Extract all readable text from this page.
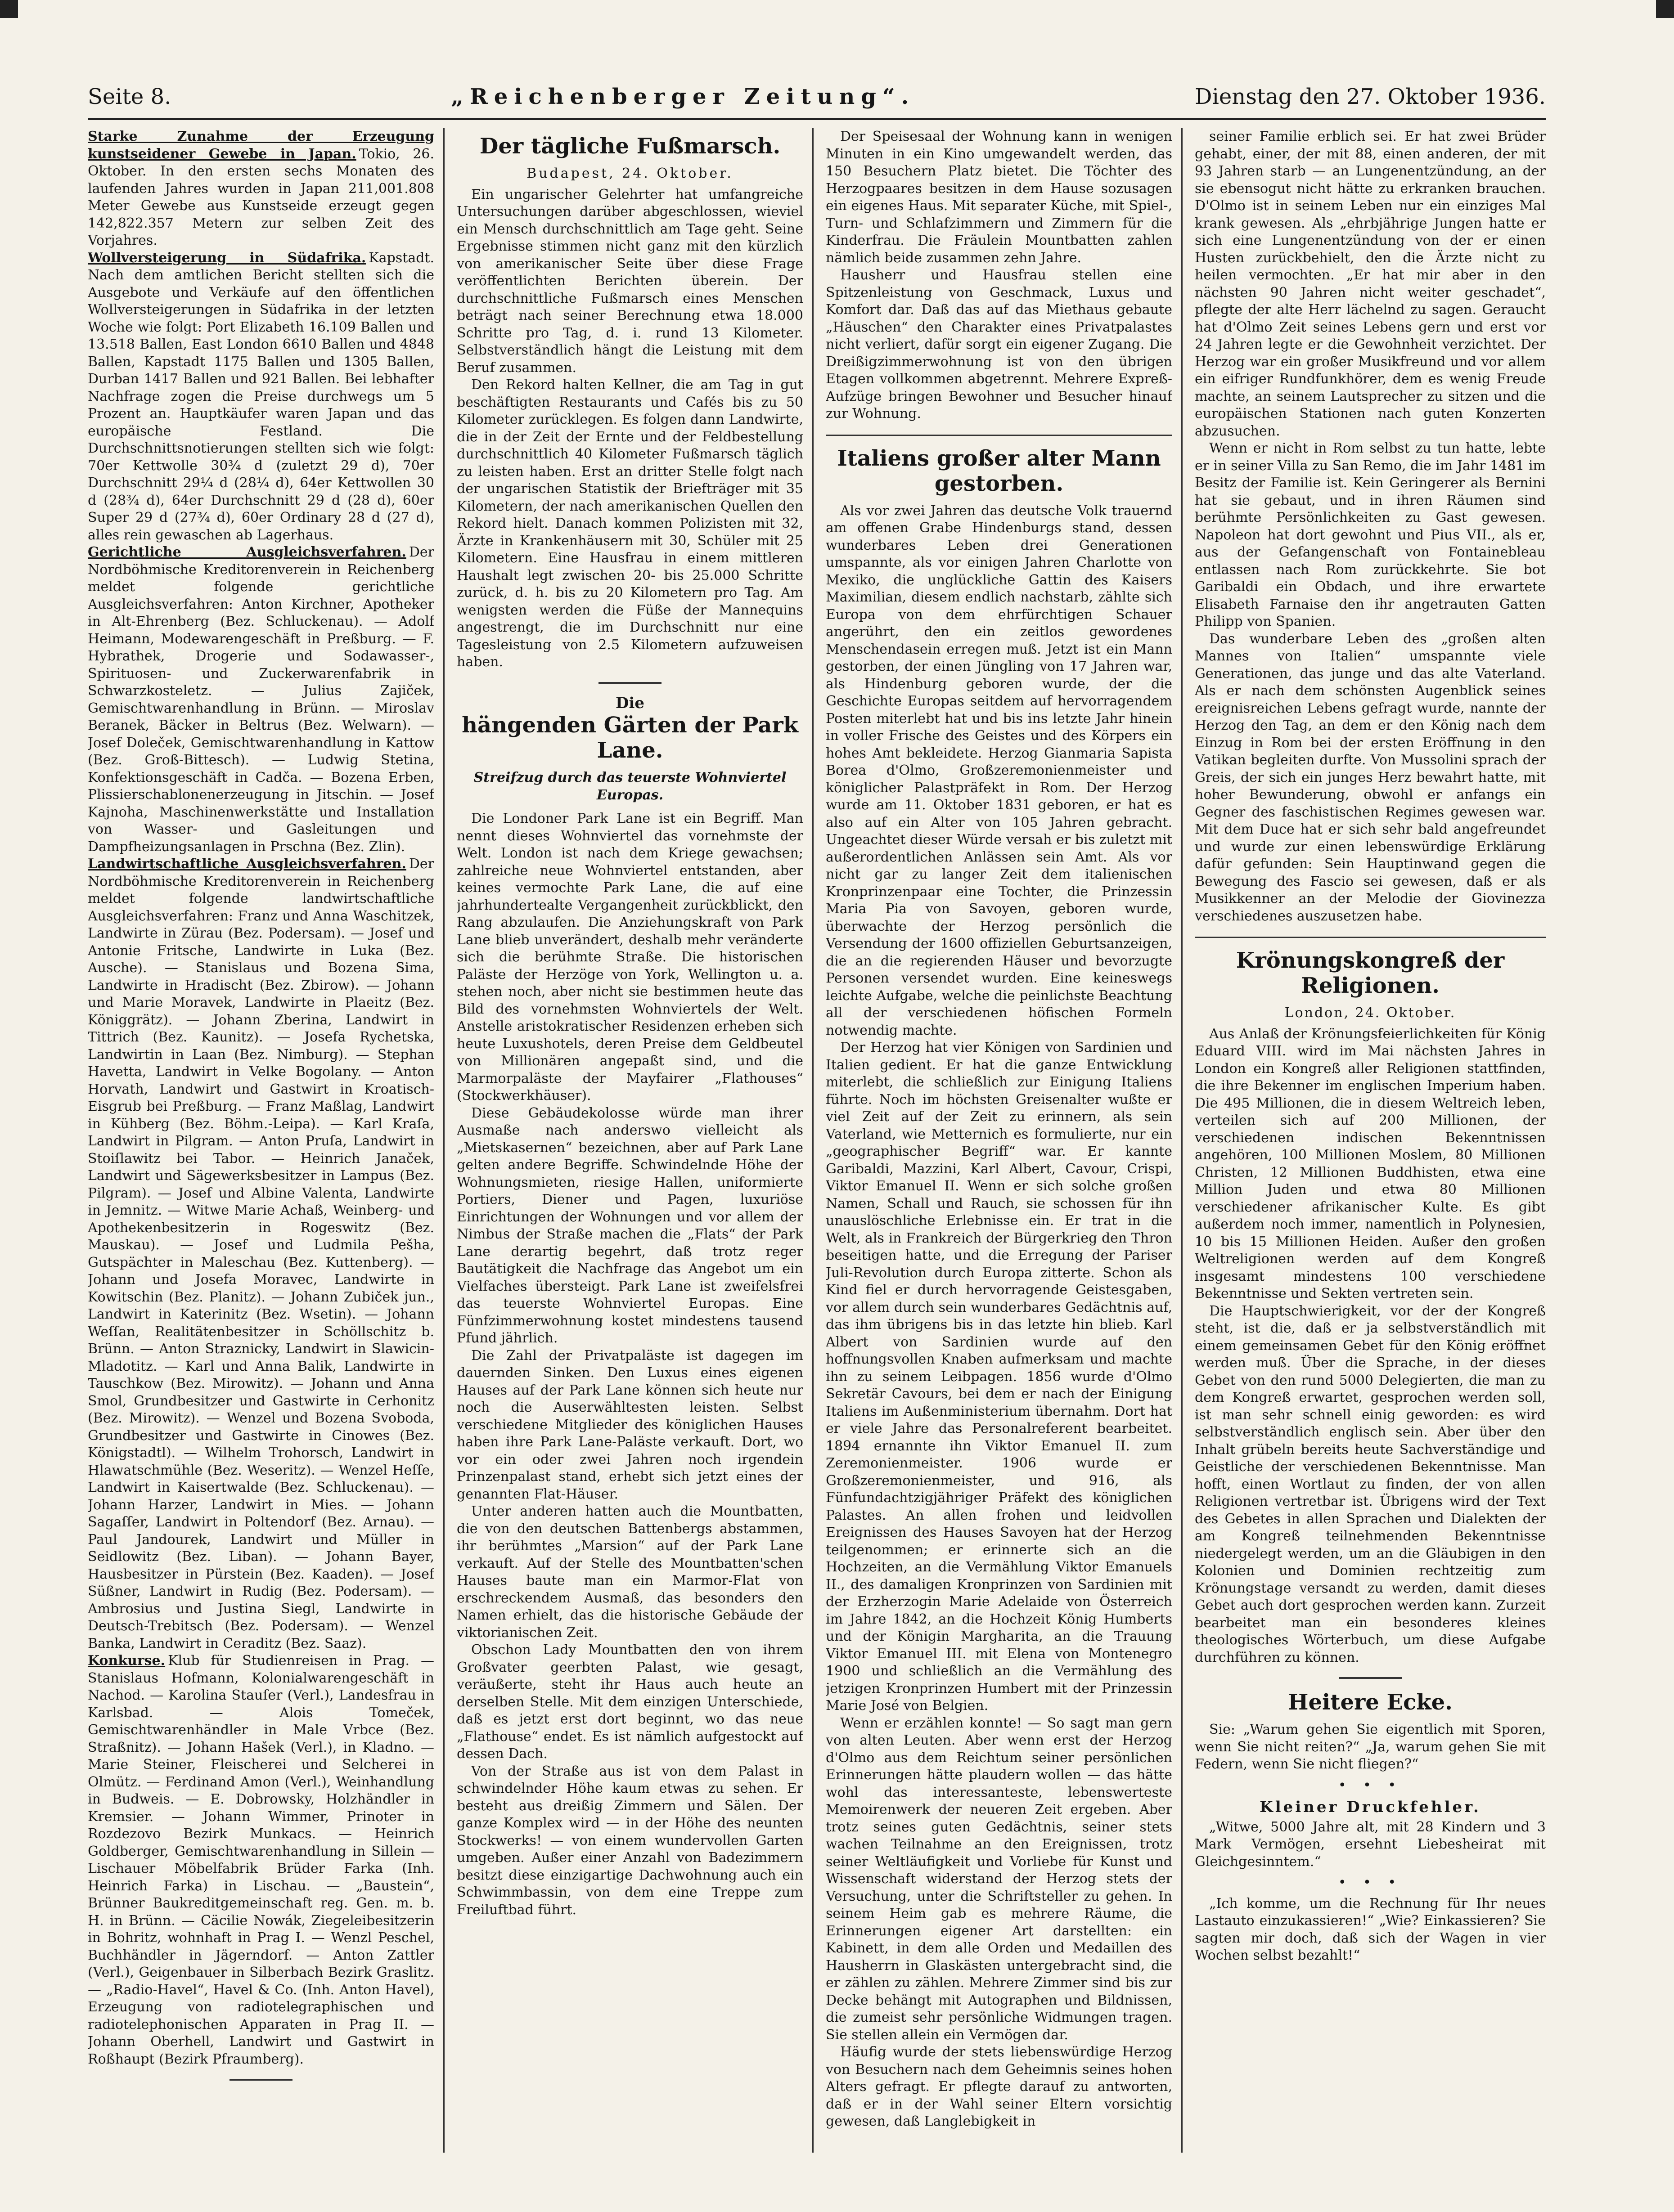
Seite 8.	„Reichenberger Zeitung“.	Dienstag den 27. Oktober 1936.

Starke Zunahme der Erzeugung kunstseidener Gewebe in Japan. Tokio, 26. Oktober. In den ersten sechs Monaten des laufenden Jahres wurden in Japan 211,001.808 Meter Gewebe aus Kunstseide erzeugt gegen 142,822.357 Metern zur selben Zeit des Vorjahres.

Wollversteigerung in Südafrika. Kapstadt. Nach dem amtlichen Bericht stellten sich die Ausgebote und Verkäufe auf den öffentlichen Wollversteigerungen in Südafrika in der letzten Woche wie folgt: Port Elizabeth 16.109 Ballen und 13.518 Ballen, East London 6610 Ballen und 4848 Ballen, Kapstadt 1175 Ballen und 1305 Ballen, Durban 1417 Ballen und 921 Ballen. Bei lebhafter Nachfrage zogen die Preise durchwegs um 5 Prozent an. Hauptkäufer waren Japan und das europäische Festland. Die Durchschnittsnotierungen stellten sich wie folgt: 70er Kettwolle 30¾ d (zuletzt 29 d), 70er Durchschnitt 29¼ d (28¼ d), 64er Kettwollen 30 d (28¾ d), 64er Durchschnitt 29 d (28 d), 60er Super 29 d (27¾ d), 60er Ordinary 28 d (27 d), alles rein gewaschen ab Lagerhaus.

Gerichtliche Ausgleichsverfahren. Der Nordböhmische Kreditorenverein in Reichenberg meldet folgende gerichtliche Ausgleichsverfahren: Anton Kirchner, Apotheker in Alt-Ehrenberg (Bez. Schluckenau). — Adolf Heimann, Modewarengeschäft in Preßburg. — F. Hybrathek, Drogerie und Sodawasser-, Spirituosen- und Zuckerwarenfabrik in Schwarzkosteletz. — Julius Zajiček, Gemischtwarenhandlung in Brünn. — Miroslav Beranek, Bäcker in Beltrus (Bez. Welwarn). — Josef Doleček, Gemischtwarenhandlung in Kattow (Bez. Groß-Bittesch). — Ludwig Stetina, Konfektionsgeschäft in Cadča. — Bozena Erben, Plissierschablonenerzeugung in Jitschin. — Josef Kajnoha, Maschinenwerkstätte und Installation von Wasser- und Gasleitungen und Dampfheizungsanlagen in Prschna (Bez. Zlin).

Landwirtschaftliche Ausgleichsverfahren. Der Nordböhmische Kreditorenverein in Reichenberg meldet folgende landwirtschaftliche Ausgleichsverfahren: Franz und Anna Waschitzek, Landwirte in Zürau (Bez. Podersam). — Josef und Antonie Fritsche, Landwirte in Luka (Bez. Ausche). — Stanislaus und Bozena Sima, Landwirte in Hradischt (Bez. Zbirow). — Johann und Marie Moravek, Landwirte in Plaeitz (Bez. Königgrätz). — Johann Zberina, Landwirt in Tittrich (Bez. Kaunitz). — Josefa Rychetska, Landwirtin in Laan (Bez. Nimburg). — Stephan Havetta, Landwirt in Velke Bogolany. — Anton Horvath, Landwirt und Gastwirt in Kroatisch-Eisgrub bei Preßburg. — Franz Maßlag, Landwirt in Kühberg (Bez. Böhm.-Leipa). — Karl Kraſa, Landwirt in Pilgram. — Anton Pruſa, Landwirt in Stoiſlawitz bei Tabor. — Heinrich Janaček, Landwirt und Sägewerksbesitzer in Lampus (Bez. Pilgram). — Josef und Albine Valenta, Landwirte in Jemnitz. — Witwe Marie Achaß, Weinberg- und Apothekenbesitzerin in Rogeswitz (Bez. Mauskau). — Josef und Ludmila Pešha, Gutspächter in Maleschau (Bez. Kuttenberg). — Johann und Josefa Moravec, Landwirte in Kowitschin (Bez. Planitz). — Johann Zubiček jun., Landwirt in Katerinitz (Bez. Wsetin). — Johann Weſſan, Realitätenbesitzer in Schöllschitz b. Brünn. — Anton Straznicky, Landwirt in Slawicin-Mladotitz. — Karl und Anna Balik, Landwirte in Tauschkow (Bez. Mirowitz). — Johann und Anna Smol, Grundbesitzer und Gastwirte in Cerhonitz (Bez. Mirowitz). — Wenzel und Bozena Svoboda, Grundbesitzer und Gastwirte in Cinowes (Bez. Königstadtl). — Wilhelm Trohorsch, Landwirt in Hlawatschmühle (Bez. Weseritz). — Wenzel Heſſe, Landwirt in Kaisertwalde (Bez. Schluckenau). — Johann Harzer, Landwirt in Mies. — Johann Sagaſſer, Landwirt in Poltendorf (Bez. Arnau). — Paul Jandourek, Landwirt und Müller in Seidlowitz (Bez. Liban). — Johann Bayer, Hausbesitzer in Pürstein (Bez. Kaaden). — Josef Süßner, Landwirt in Rudig (Bez. Podersam). — Ambrosius und Justina Siegl, Landwirte in Deutsch-Trebitsch (Bez. Podersam). — Wenzel Banka, Landwirt in Ceraditz (Bez. Saaz).

Konkurse. Klub für Studienreisen in Prag. — Stanislaus Hofmann, Kolonialwarengeschäft in Nachod. — Karolina Stauſer (Verl.), Landesfrau in Karlsbad. — Alois Tomeček, Gemischtwarenhändler in Male Vrbce (Bez. Straßnitz). — Johann Hašek (Verl.), in Kladno. — Marie Steiner, Fleischerei und Selcherei in Olmütz. — Ferdinand Amon (Verl.), Weinhandlung in Budweis. — E. Dobrowsky, Holzhändler in Kremsier. — Johann Wimmer, Prinoter in Rozdezovo Bezirk Munkacs. — Heinrich Goldberger, Gemischtwarenhandlung in Sillein — Lischauer Möbelfabrik Brüder Farka (Inh. Heinrich Farka) in Lischau. — „Baustein“, Brünner Baukreditgemeinschaft reg. Gen. m. b. H. in Brünn. — Cäcilie Nowák, Ziegeleibesitzerin in Bohritz, wohnhaft in Prag I. — Wenzl Peschel, Buchhändler in Jägerndorf. — Anton Zattler (Verl.), Geigenbauer in Silberbach Bezirk Graslitz. — „Radio-Havel“, Havel & Co. (Inh. Anton Havel), Erzeugung von radiotelegraphischen und radiotelephonischen Apparaten in Prag II. — Johann Oberhell, Landwirt und Gastwirt in Roßhaupt (Bezirk Pfraumberg).

Der tägliche Fußmarsch.
Budapest, 24. Oktober.

Ein ungarischer Gelehrter hat umfangreiche Untersuchungen darüber abgeschlossen, wieviel ein Mensch durchschnittlich am Tage geht. Seine Ergebnisse stimmen nicht ganz mit den kürzlich von amerikanischer Seite über diese Frage veröffentlichten Berichten überein. Der durchschnittliche Fußmarsch eines Menschen beträgt nach seiner Berechnung etwa 18.000 Schritte pro Tag, d. i. rund 13 Kilometer. Selbstverständlich hängt die Leistung mit dem Beruf zusammen.

Den Rekord halten Kellner, die am Tag in gut beschäftigten Restaurants und Cafés bis zu 50 Kilometer zurücklegen. Es folgen dann Landwirte, die in der Zeit der Ernte und der Feldbestellung durchschnittlich 40 Kilometer Fußmarsch täglich zu leisten haben. Erst an dritter Stelle folgt nach der ungarischen Statistik der Briefträger mit 35 Kilometern, der nach amerikanischen Quellen den Rekord hielt. Danach kommen Polizisten mit 32, Ärzte in Krankenhäusern mit 30, Schüler mit 25 Kilometern. Eine Hausfrau in einem mittleren Haushalt legt zwischen 20- bis 25.000 Schritte zurück, d. h. bis zu 20 Kilometern pro Tag. Am wenigsten werden die Füße der Mannequins angestrengt, die im Durchschnitt nur eine Tagesleistung von 2.5 Kilometern aufzuweisen haben.

Die
hängenden Gärten der Park Lane.
Streifzug durch das teuerste Wohnviertel Europas.

Die Londoner Park Lane ist ein Begriff. Man nennt dieses Wohnviertel das vornehmste der Welt. London ist nach dem Kriege gewachsen; zahlreiche neue Wohnviertel entstanden, aber keines vermochte Park Lane, die auf eine jahrhundertealte Vergangenheit zurückblickt, den Rang abzulaufen. Die Anziehungskraft von Park Lane blieb unverändert, deshalb mehr veränderte sich die berühmte Straße. Die historischen Paläste der Herzöge von York, Wellington u. a. stehen noch, aber nicht sie bestimmen heute das Bild des vornehmsten Wohnviertels der Welt. Anstelle aristokratischer Residenzen erheben sich heute Luxushotels, deren Preise dem Geldbeutel von Millionären angepaßt sind, und die Marmorpaläste der Mayfairer „Flathouses“ (Stockwerkhäuser).

Diese Gebäudekolosse würde man ihrer Ausmaße nach anderswo vielleicht als „Mietskasernen“ bezeichnen, aber auf Park Lane gelten andere Begriffe. Schwindelnde Höhe der Wohnungsmieten, riesige Hallen, uniformierte Portiers, Diener und Pagen, luxuriöse Einrichtungen der Wohnungen und vor allem der Nimbus der Straße machen die „Flats“ der Park Lane derartig begehrt, daß trotz reger Bautätigkeit die Nachfrage das Angebot um ein Vielfaches übersteigt. Park Lane ist zweifelsfrei das teuerste Wohnviertel Europas. Eine Fünfzimmerwohnung kostet mindestens tausend Pfund jährlich.

Die Zahl der Privatpaläste ist dagegen im dauernden Sinken. Den Luxus eines eigenen Hauses auf der Park Lane können sich heute nur noch die Auserwähltesten leisten. Selbst verschiedene Mitglieder des königlichen Hauses haben ihre Park Lane-Paläste verkauft. Dort, wo vor ein oder zwei Jahren noch irgendein Prinzenpalast stand, erhebt sich jetzt eines der genannten Flat-Häuser.

Unter anderen hatten auch die Mountbatten, die von den deutschen Battenbergs abstammen, ihr berühmtes „Marsion“ auf der Park Lane verkauft. Auf der Stelle des Mountbatten'schen Hauses baute man ein Marmor-Flat von erschreckendem Ausmaß, das besonders den Namen erhielt, das die historische Gebäude der viktorianischen Zeit.

Obschon Lady Mountbatten den von ihrem Großvater geerbten Palast, wie gesagt, veräußerte, steht ihr Haus auch heute an derselben Stelle. Mit dem einzigen Unterschiede, daß es jetzt erst dort beginnt, wo das neue „Flathouse“ endet. Es ist nämlich aufgestockt auf dessen Dach.

Von der Straße aus ist von dem Palast in schwindelnder Höhe kaum etwas zu sehen. Er besteht aus dreißig Zimmern und Sälen. Der ganze Komplex wird — in der Höhe des neunten Stockwerks! — von einem wundervollen Garten umgeben. Außer einer Anzahl von Badezimmern besitzt diese einzigartige Dachwohnung auch ein Schwimmbassin, von dem eine Treppe zum Freiluftbad führt.

Der Speisesaal der Wohnung kann in wenigen Minuten in ein Kino umgewandelt werden, das 150 Besuchern Platz bietet. Die Töchter des Herzogpaares besitzen in dem Hause sozusagen ein eigenes Haus. Mit separater Küche, mit Spiel-, Turn- und Schlafzimmern und Zimmern für die Kinderfrau. Die Fräulein Mountbatten zahlen nämlich beide zusammen zehn Jahre.

Hausherr und Hausfrau stellen eine Spitzenleistung von Geschmack, Luxus und Komfort dar. Daß das auf das Miethaus gebaute „Häuschen“ den Charakter eines Privatpalastes nicht verliert, dafür sorgt ein eigener Zugang. Die Dreißigzimmerwohnung ist von den übrigen Etagen vollkommen abgetrennt. Mehrere Expreß-Aufzüge bringen Bewohner und Besucher hinauf zur Wohnung.

Italiens großer alter Mann gestorben.

Als vor zwei Jahren das deutsche Volk trauernd am offenen Grabe Hindenburgs stand, dessen wunderbares Leben drei Generationen umspannte, als vor einigen Jahren Charlotte von Mexiko, die unglückliche Gattin des Kaisers Maximilian, diesem endlich nachstarb, zählte sich Europa von dem ehrfürchtigen Schauer angerührt, den ein zeitlos gewordenes Menschendasein erregen muß. Jetzt ist ein Mann gestorben, der einen Jüngling von 17 Jahren war, als Hindenburg geboren wurde, der die Geschichte Europas seitdem auf hervorragendem Posten miterlebt hat und bis ins letzte Jahr hinein in voller Frische des Geistes und des Körpers ein hohes Amt bekleidete. Herzog Gianmaria Sapista Borea d'Olmo, Großzeremonienmeister und königlicher Palastpräfekt in Rom. Der Herzog wurde am 11. Oktober 1831 geboren, er hat es also auf ein Alter von 105 Jahren gebracht. Ungeachtet dieser Würde versah er bis zuletzt mit außerordentlichen Anlässen sein Amt. Als vor nicht gar zu langer Zeit dem italienischen Kronprinzenpaar eine Tochter, die Prinzessin Maria Pia von Savoyen, geboren wurde, überwachte der Herzog persönlich die Versendung der 1600 offiziellen Geburtsanzeigen, die an die regierenden Häuser und bevorzugte Personen versendet wurden. Eine keineswegs leichte Aufgabe, welche die peinlichste Beachtung all der verschiedenen höfischen Formeln notwendig machte.

Der Herzog hat vier Königen von Sardinien und Italien gedient. Er hat die ganze Entwicklung miterlebt, die schließlich zur Einigung Italiens führte. Noch im höchsten Greisenalter wußte er viel Zeit auf der Zeit zu erinnern, als sein Vaterland, wie Metternich es formulierte, nur ein „geographischer Begriff“ war. Er kannte Garibaldi, Mazzini, Karl Albert, Cavour, Crispi, Viktor Emanuel II. Wenn er sich solche großen Namen, Schall und Rauch, sie schossen für ihn unauslöschliche Erlebnisse ein. Er trat in die Welt, als in Frankreich der Bürgerkrieg den Thron beseitigen hatte, und die Erregung der Pariser Juli-Revolution durch Europa zitterte. Schon als Kind fiel er durch hervorragende Geistesgaben, vor allem durch sein wunderbares Gedächtnis auf, das ihm übrigens bis in das letzte hin blieb. Karl Albert von Sardinien wurde auf den hoffnungsvollen Knaben aufmerksam und machte ihn zu seinem Leibpagen. 1856 wurde d'Olmo Sekretär Cavours, bei dem er nach der Einigung Italiens im Außenministerium übernahm. Dort hat er viele Jahre das Personalreferent bearbeitet. 1894 ernannte ihn Viktor Emanuel II. zum Zeremonienmeister. 1906 wurde er Großzeremonienmeister, und 916, als Fünfundachtzigjähriger Präfekt des königlichen Palastes. An allen frohen und leidvollen Ereignissen des Hauses Savoyen hat der Herzog teilgenommen; er erinnerte sich an die Hochzeiten, an die Vermählung Viktor Emanuels II., des damaligen Kronprinzen von Sardinien mit der Erzherzogin Marie Adelaide von Österreich im Jahre 1842, an die Hochzeit König Humberts und der Königin Margharita, an die Trauung Viktor Emanuel III. mit Elena von Montenegro 1900 und schließlich an die Vermählung des jetzigen Kronprinzen Humbert mit der Prinzessin Marie José von Belgien.

Wenn er erzählen konnte! — So sagt man gern von alten Leuten. Aber wenn erst der Herzog d'Olmo aus dem Reichtum seiner persönlichen Erinnerungen hätte plaudern wollen — das hätte wohl das interessanteste, lebenswerteste Memoirenwerk der neueren Zeit ergeben. Aber trotz seines guten Gedächtnis, seiner stets wachen Teilnahme an den Ereignissen, trotz seiner Weltläufigkeit und Vorliebe für Kunst und Wissenschaft widerstand der Herzog stets der Versuchung, unter die Schriftsteller zu gehen. In seinem Heim gab es mehrere Räume, die Erinnerungen eigener Art darstellten: ein Kabinett, in dem alle Orden und Medaillen des Hausherrn in Glaskästen untergebracht sind, die er zählen zu zählen. Mehrere Zimmer sind bis zur Decke behängt mit Autographen und Bildnissen, die zumeist sehr persönliche Widmungen tragen. Sie stellen allein ein Vermögen dar.

Häufig wurde der stets liebenswürdige Herzog von Besuchern nach dem Geheimnis seines hohen Alters gefragt. Er pflegte darauf zu antworten, daß er in der Wahl seiner Eltern vorsichtig gewesen, daß Langlebigkeit in

seiner Familie erblich sei. Er hat zwei Brüder gehabt, einer, der mit 88, einen anderen, der mit 93 Jahren starb — an Lungenentzündung, an der sie ebensogut nicht hätte zu erkranken brauchen. D'Olmo ist in seinem Leben nur ein einziges Mal krank gewesen. Als „ehrbjährige Jungen hatte er sich eine Lungenentzündung von der er einen Husten zurückbehielt, den die Ärzte nicht zu heilen vermochten. „Er hat mir aber in den nächsten 90 Jahren nicht weiter geschadet“, pflegte der alte Herr lächelnd zu sagen. Geraucht hat d'Olmo Zeit seines Lebens gern und erst vor 24 Jahren legte er die Gewohnheit verzichtet. Der Herzog war ein großer Musikfreund und vor allem ein eifriger Rundfunkhörer, dem es wenig Freude machte, an seinem Lautsprecher zu sitzen und die europäischen Stationen nach guten Konzerten abzusuchen.

Wenn er nicht in Rom selbst zu tun hatte, lebte er in seiner Villa zu San Remo, die im Jahr 1481 im Besitz der Familie ist. Kein Geringerer als Bernini hat sie gebaut, und in ihren Räumen sind berühmte Persönlichkeiten zu Gast gewesen. Napoleon hat dort gewohnt und Pius VII., als er, aus der Gefangenschaft von Fontainebleau entlassen nach Rom zurückkehrte. Sie bot Garibaldi ein Obdach, und ihre erwartete Elisabeth Farnaise den ihr angetrauten Gatten Philipp von Spanien.

Das wunderbare Leben des „großen alten Mannes von Italien“ umspannte viele Generationen, das junge und das alte Vaterland. Als er nach dem schönsten Augenblick seines ereignisreichen Lebens gefragt wurde, nannte der Herzog den Tag, an dem er den König nach dem Einzug in Rom bei der ersten Eröffnung in den Vatikan begleiten durfte. Von Mussolini sprach der Greis, der sich ein junges Herz bewahrt hatte, mit hoher Bewunderung, obwohl er anfangs ein Gegner des faschistischen Regimes gewesen war. Mit dem Duce hat er sich sehr bald angefreundet und wurde zur einen lebenswürdige Erklärung dafür gefunden: Sein Hauptinwand gegen die Bewegung des Fascio sei gewesen, daß er als Musikkenner an der Melodie der Giovinezza verschiedenes auszusetzen habe.

Krönungskongreß der Religionen.
London, 24. Oktober.

Aus Anlaß der Krönungsfeierlichkeiten für König Eduard VIII. wird im Mai nächsten Jahres in London ein Kongreß aller Religionen stattfinden, die ihre Bekenner im englischen Imperium haben. Die 495 Millionen, die in diesem Weltreich leben, verteilen sich auf 200 Millionen, der verschiedenen indischen Bekenntnissen angehören, 100 Millionen Moslem, 80 Millionen Christen, 12 Millionen Buddhisten, etwa eine Million Juden und etwa 80 Millionen verschiedener afrikanischer Kulte. Es gibt außerdem noch immer, namentlich in Polynesien, 10 bis 15 Millionen Heiden. Außer den großen Weltreligionen werden auf dem Kongreß insgesamt mindestens 100 verschiedene Bekenntnisse und Sekten vertreten sein.

Die Hauptschwierigkeit, vor der der Kongreß steht, ist die, daß er ja selbstverständlich mit einem gemeinsamen Gebet für den König eröffnet werden muß. Über die Sprache, in der dieses Gebet von den rund 5000 Delegierten, die man zu dem Kongreß erwartet, gesprochen werden soll, ist man sehr schnell einig geworden: es wird selbstverständlich englisch sein. Aber über den Inhalt grübeln bereits heute Sachverständige und Geistliche der verschiedenen Bekenntnisse. Man hofft, einen Wortlaut zu finden, der von allen Religionen vertretbar ist. Übrigens wird der Text des Gebetes in allen Sprachen und Dialekten der am Kongreß teilnehmenden Bekenntnisse niedergelegt werden, um an die Gläubigen in den Kolonien und Dominien rechtzeitig zum Krönungstage versandt zu werden, damit dieses Gebet auch dort gesprochen werden kann. Zurzeit bearbeitet man ein besonderes kleines theologisches Wörterbuch, um diese Aufgabe durchführen zu können.

Heitere Ecke.

Sie: „Warum gehen Sie eigentlich mit Sporen, wenn Sie nicht reiten?“ „Ja, warum gehen Sie mit Federn, wenn Sie nicht fliegen?“

• • •
Kleiner Druckfehler.

„Witwe, 5000 Jahre alt, mit 28 Kindern und 3 Mark Vermögen, ersehnt Liebesheirat mit Gleichgesinntem.“

• • •

„Ich komme, um die Rechnung für Ihr neues Lastauto einzukassieren!“ „Wie? Einkassieren? Sie sagten mir doch, daß sich der Wagen in vier Wochen selbst bezahlt!“
